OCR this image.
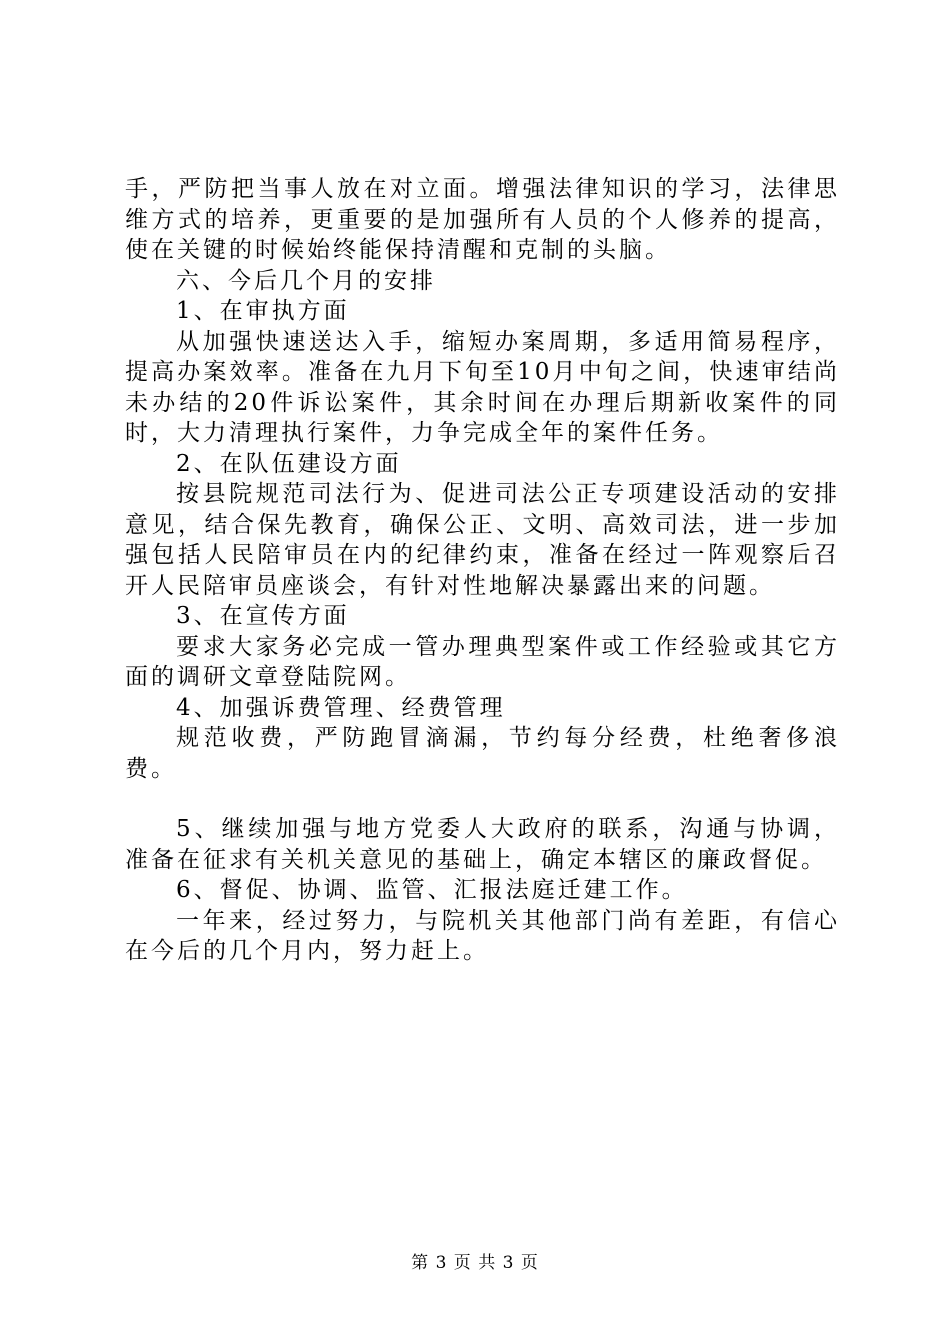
手，严防把当事人放在对立面。增强法律知识的学习，法律思维方式的培养，更重要的是加强所有人员的个人修养的提高，使在关键的时候始终能保持清醒和克制的头脑。

六、今后几个月的安排

1、在审执方面

从加强快速送达入手，缩短办案周期，多适用简易程序，提高办案效率。准备在九月下旬至10月中旬之间，快速审结尚未办结的20件诉讼案件，其余时间在办理后期新收案件的同时，大力清理执行案件，力争完成全年的案件任务。

2、在队伍建设方面

按县院规范司法行为、促进司法公正专项建设活动的安排意见，结合保先教育，确保公正、文明、高效司法，进一步加强包括人民陪审员在内的纪律约束，准备在经过一阵观察后召开人民陪审员座谈会，有针对性地解决暴露出来的问题。

3、在宣传方面

要求大家务必完成一管办理典型案件或工作经验或其它方面的调研文章登陆院网。

4、加强诉费管理、经费管理

规范收费，严防跑冒滴漏，节约每分经费，杜绝奢侈浪费。

5、继续加强与地方党委人大政府的联系，沟通与协调，准备在征求有关机关意见的基础上，确定本辖区的廉政督促。

6、督促、协调、监管、汇报法庭迁建工作。

一年来，经过努力，与院机关其他部门尚有差距，有信心在今后的几个月内，努力赶上。

第 3 页 共 3 页
